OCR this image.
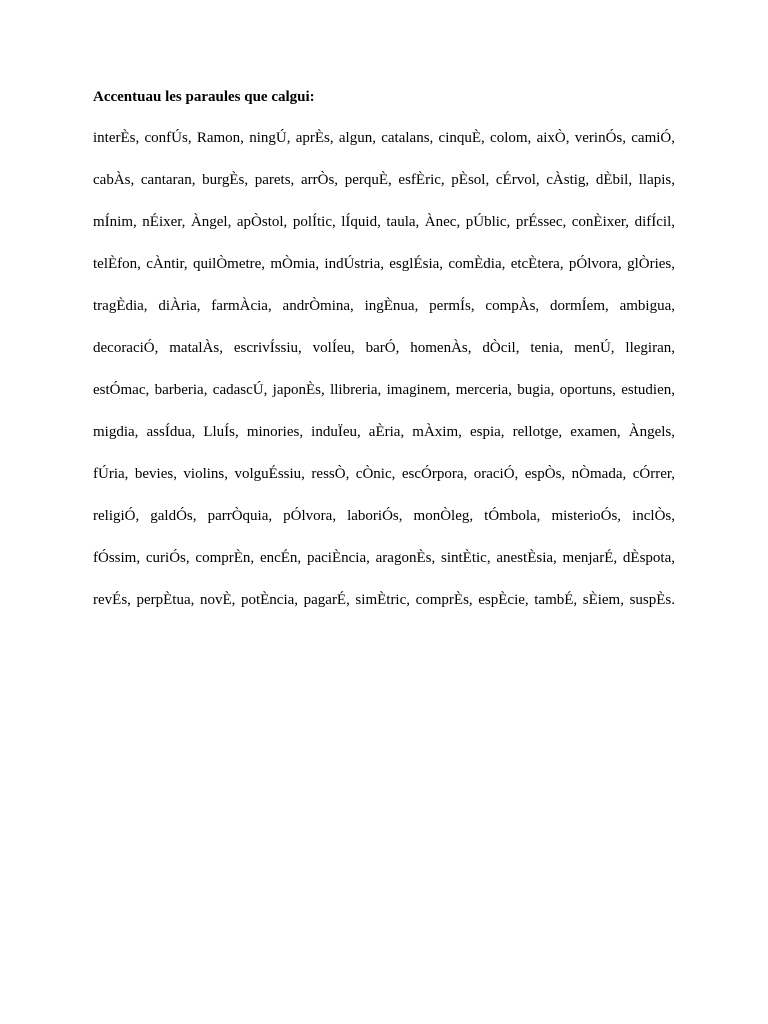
Accentuau les paraules que calgui:

interÈs, confÚs, Ramon, ningÚ, aprÈs, algun, catalans, cinquÈ, colom, aixÒ, verinÓs, camiÓ,
cabÀs, cantaran, burgÈs, parets, arrÒs, perquÈ, esfÈric, pÈsol, cÉrvol, cÀstig, dÈbil, llapis,
mÍnim, nÉixer, Àngel, apÒstol, polÍtic, lÍquid, taula, Ànec, pÚblic, prÉssec, conÈixer, difÍcil,
telÈfon, cÀntir, quilÒmetre, mÒmia, indÚstria, esglÉsia, comÈdia, etcÈtera, pÓlvora, glÒries,
tragÈdia, diÀria, farmÀcia, andrÒmina, ingÈnua, permÍs, compÀs, dormÍem, ambigua,
decoraciÓ, matalÀs, escrivÍssiu, volÍeu, barÓ, homenÀs, dÒcil, tenia, menÚ, llegiran,
estÓmac, barberia, cadascÚ, japonÈs, llibreria, imaginem, merceria, bugia, oportuns, estudien,
migdia, assÍdua, LluÍs, minories, induÏeu, aÈria, mÀxim, espia, rellotge, examen, Àngels,
fÚria, bevies, violins, volguÉssiu, ressÒ, cÒnic, escÓrpora, oraciÓ, espÒs, nÒmada, cÓrrer,
religiÓ, galdÓs, parrÒquia, pÓlvora, laboriÓs, monÒleg, tÓmbola, misterioÓs, inclÒs,
fÓssim, curiÓs, comprÈn, encÉn, paciÈncia, aragonÈs, sintÈtic, anestÈsia, menjarÉ, dÈspota,
revÉs, perpÈtua, novÈ, potÈncia, pagarÉ, simÈtric, comprÈs, espÈcie, tambÉ, sÈiem, suspÈs.
